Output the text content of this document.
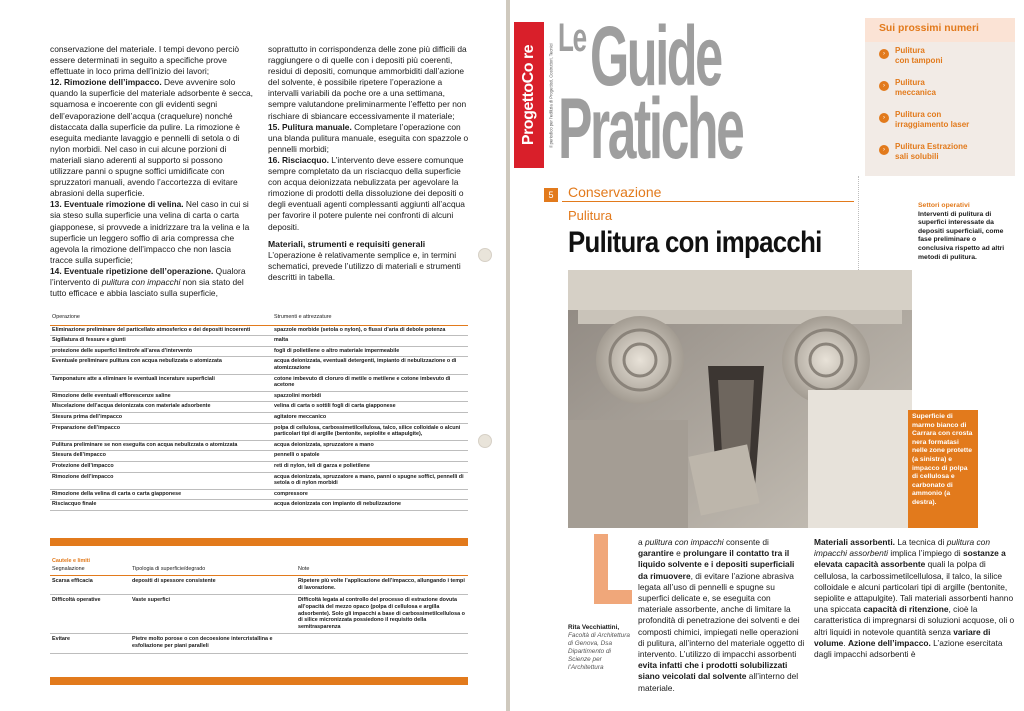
conservazione del materiale. I tempi devono perciò essere determinati in seguito a specifiche prove effettuate in loco prima dell’inizio dei lavori;

12. Rimozione dell’impacco. Deve avvenire solo quando la superficie del materiale adsorbente è secca, squamosa e incoerente con gli evidenti segni dell’evaporazione dell’acqua (craquelure) nonché distaccata dalla superficie da pulire. La rimozione è eseguita mediante lavaggio e pennelli di setola o di nylon morbidi. Nel caso in cui alcune porzioni di materiali siano aderenti al supporto si possono utilizzare panni o spugne soffici umidificate con spruzzatori manuali, avendo l’accortezza di evitare abrasioni della superficie.

13. Eventuale rimozione di velina. Nel caso in cui si sia steso sulla superficie una velina di carta o carta giapponese, si provvede a inidrizzare tra la velina e la superficie un leggero soffio di aria compressa che agevola la rimozione dell’impacco che non lascia tracce sulla superficie;

14. Eventuale ripetizione dell’operazione. Qualora l’intervento di pulitura con impacchi non sia stato del tutto efficace e abbia lasciato sulla superficie,

soprattutto in corrispondenza delle zone più difficili da raggiungere o di quelle con i depositi più coerenti, residui di depositi, comunque ammorbiditi dall’azione del solvente, è possibile ripetere l’operazione a intervalli variabili da poche ore a una settimana, sempre valutandone preliminarmente l’effetto per non rischiare di sbiancare eccessivamente il materiale;

15. Pulitura manuale. Completare l’operazione con una blanda pulitura manuale, eseguita con spazzole o pennelli morbidi;

16. Risciacquo. L’intervento deve essere comunque sempre completato da un risciacquo della superficie con acqua deionizzata nebulizzata per agevolare la rimozione di prodotti della dissoluzione dei depositi o degli eventuali agenti complessanti aggiunti all’acqua per favorire il potere pulente nei confronti di alcuni depositi.

Materiali, strumenti e requisiti generali

L’operazione è relativamente semplice e, in termini schematici, prevede l’utilizzo di materiali e strumenti descritti in tabella.

Operazione	Strumenti e attrezzature
Eliminazione preliminare del particellato atmosferico e dei depositi incoerenti	spazzole morbide (setola o nylon), o flussi d’aria di debole potenza
Sigillatura di fessure e giunti	malta
protezione delle superfici limitrofe all’area d’intervento	fogli di polietilene o altro materiale impermeabile
Eventuale preliminare pulitura con acqua nebulizzata o atomizzata	acqua deionizzata, eventuali detergenti, impianto di nebulizzazione o di atomizzazione
Tamponature atte a eliminare le eventuali incerature superficiali	cotone imbevuto di cloruro di metile o metilene e cotone imbevuto di acetone
Rimozione delle eventuali efflorescenze saline	spazzolini morbidi
Miscelazione dell’acqua deionizzata con materiale adsorbente	velina di carta o sottili fogli di carta giapponese
Stesura prima dell’impacco	agitatore meccanico
Preparazione dell’impacco	polpa di cellulosa, carbossimetilcellulosa, talco, silice colloidale o alcuni particolari tipi di argille (bentonite, sepiolite e attapulgite),
Pulitura preliminare se non eseguita con acqua nebulizzata o atomizzata	acqua deionizzata, spruzzatore a mano
Stesura dell’impacco	pennelli o spatole
Protezione dell’impacco	reti di nylon, teli di garza e polietilene
Rimozione dell’impacco	acqua deionizzata, spruzzatore a mano, panni o spugne soffici, pennelli di setola o di nylon morbidi
Rimozione della velina di carta o carta giapponese	compressore
Risciacquo finale	acqua deionizzata con impianto di nebulizzazione
Cautele e limiti		
Segnalazione	Tipologia di superficie/degrado	Note
Scarsa efficacia	depositi di spessore consistente	Ripetere più volte l’applicazione dell’impacco, allungando i tempi di lavorazione.
Difficoltà operative	Vaste superfici	Difficoltà legata al controllo del processo di estrazione dovuta all’opacità del mezzo opaco (polpa di cellulosa e argilla adsorbente). Solo gli impacchi a base di carbossimetilcellulosa o di silice micronizzata possiedono il requisito della semitrasparenza
Evitare	Pietre molto porose o con decoesione intercristallina e esfoliazione per piani paralleli	
ProgettoCo re	Il periodico per l’edilizia di Progettisti, Costruttori, Tecnici
Le Guide
Pratiche
Sui prossimi numeri
›	Pulitura
con tamponi
›	Pulitura
meccanica
›	Pulitura con
irraggiamento laser
›	Pulitura Estrazione
sali solubili
5	Conservazione
Pulitura
Pulitura con impacchi
Settori operativi
Interventi di pulitura di superfici interessate da depositi superficiali, come fase preliminare o conclusiva rispetto ad altri metodi di pulitura.
Superficie di marmo bianco di Carrara con crosta nera formatasi nelle zone protette (a sinistra) e impacco di polpa di cellulosa e carbonato di ammonio (a destra).
Rita Vecchiattini,
Facoltà di Architettura di Genova, Dsa Dipartimento di Scienze per l’Architettura
a pulitura con impacchi consente di garantire e prolungare il contatto tra il liquido solvente e i depositi superficiali da rimuovere, di evitare l’azione abrasiva legata all’uso di pennelli e spugne su superfici delicate e, se eseguita con materiale assorbente, anche di limitare la profondità di penetrazione dei solventi e dei composti chimici, impiegati nelle operazioni di pulitura, all’interno del materiale oggetto di intervento. L’utilizzo di impacchi assorbenti evita infatti che i prodotti solubilizzati siano veicolati dal solvente all’interno del materiale.
Materiali assorbenti. La tecnica di pulitura con impacchi assorbenti implica l’impiego di sostanze a elevata capacità assorbente quali la polpa di cellulosa, la carbossimetilcellulosa, il talco, la silice colloidale e alcuni particolari tipi di argille (bentonite, sepiolite e attapulgite). Tali materiali assorbenti hanno una spiccata capacità di ritenzione, cioè la caratteristica di impregnarsi di soluzioni acquose, oli o altri liquidi in notevole quantità senza variare di volume. Azione dell’impacco. L’azione esercitata dagli impacchi adsorbenti è
